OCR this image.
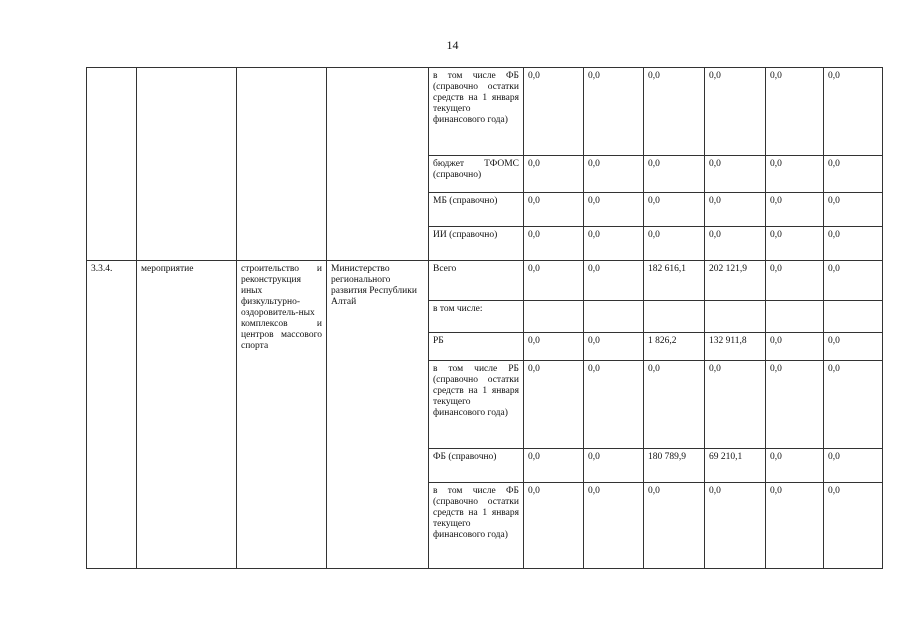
14
				в том числе ФБ (справочно остатки средств на 1 января текущего финансового года)	0,0	0,0	0,0	0,0	0,0	0,0
				бюджет ТФОМС (справочно)	0,0	0,0	0,0	0,0	0,0	0,0
				МБ (справочно)	0,0	0,0	0,0	0,0	0,0	0,0
				ИИ (справочно)	0,0	0,0	0,0	0,0	0,0	0,0
3.3.4.	мероприятие	строительство и реконструкция иных физкультурно-оздоровитель-ных комплексов и центров массового спорта	Министерство регионального развития Республики Алтай	Всего	0,0	0,0	182 616,1	202 121,9	0,0	0,0
				в том числе:						
				РБ	0,0	0,0	1 826,2	132 911,8	0,0	0,0
				в том числе РБ (справочно остатки средств на 1 января текущего финансового года)	0,0	0,0	0,0	0,0	0,0	0,0
				ФБ (справочно)	0,0	0,0	180 789,9	69 210,1	0,0	0,0
				в том числе ФБ (справочно остатки средств на 1 января текущего финансового года)	0,0	0,0	0,0	0,0	0,0	0,0
